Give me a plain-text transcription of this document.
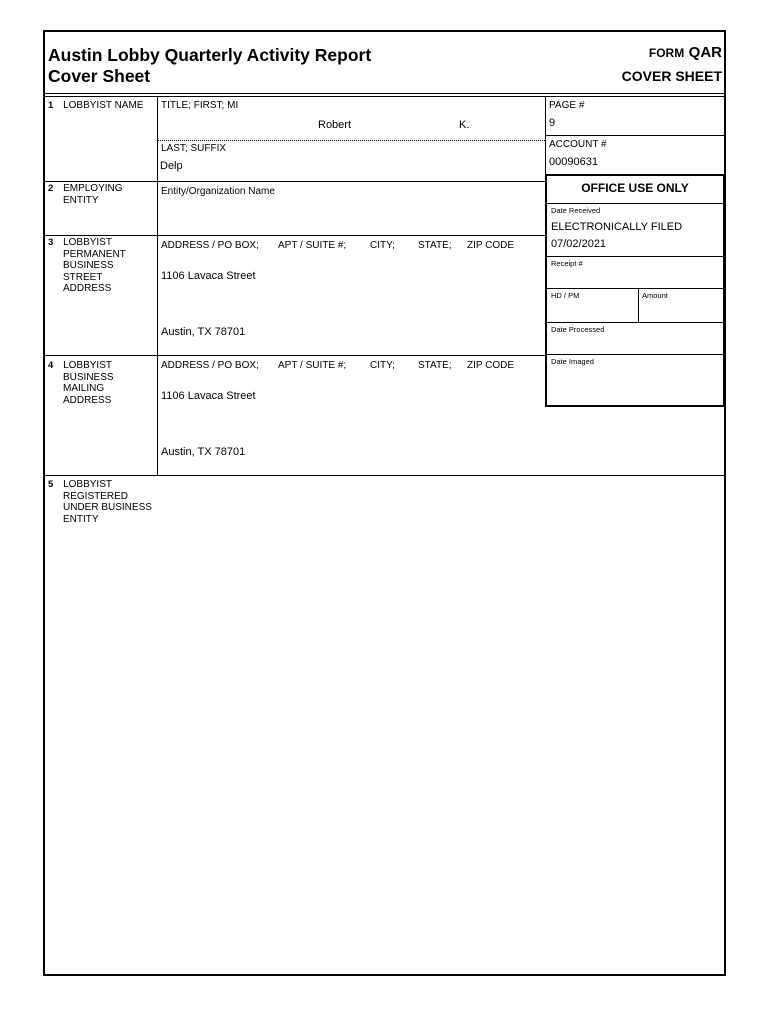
Austin Lobby Quarterly Activity Report
Cover Sheet
FORM QAR
COVER SHEET
1 LOBBYIST NAME TITLE; FIRST; MI
Robert	K.
LAST; SUFFIX
Delp
PAGE #
9
ACCOUNT #
00090631
2 EMPLOYING
ENTITY
Entity/Organization Name
3 LOBBYIST
PERMANENT
BUSINESS
STREET
ADDRESS
ADDRESS / PO BOX; APT / SUITE #; CITY; STATE; ZIP CODE
1106 Lavaca Street
Austin, TX 78701
4 LOBBYIST
BUSINESS
MAILING
ADDRESS
ADDRESS / PO BOX; APT / SUITE #; CITY; STATE; ZIP CODE
1106 Lavaca Street
Austin, TX 78701
5 LOBBYIST
REGISTERED
UNDER BUSINESS
ENTITY
OFFICE USE ONLY
Date Received
ELECTRONICALLY FILED
07/02/2021
Receipt #
HD / PM	Amount
Date Processed
Date Imaged
